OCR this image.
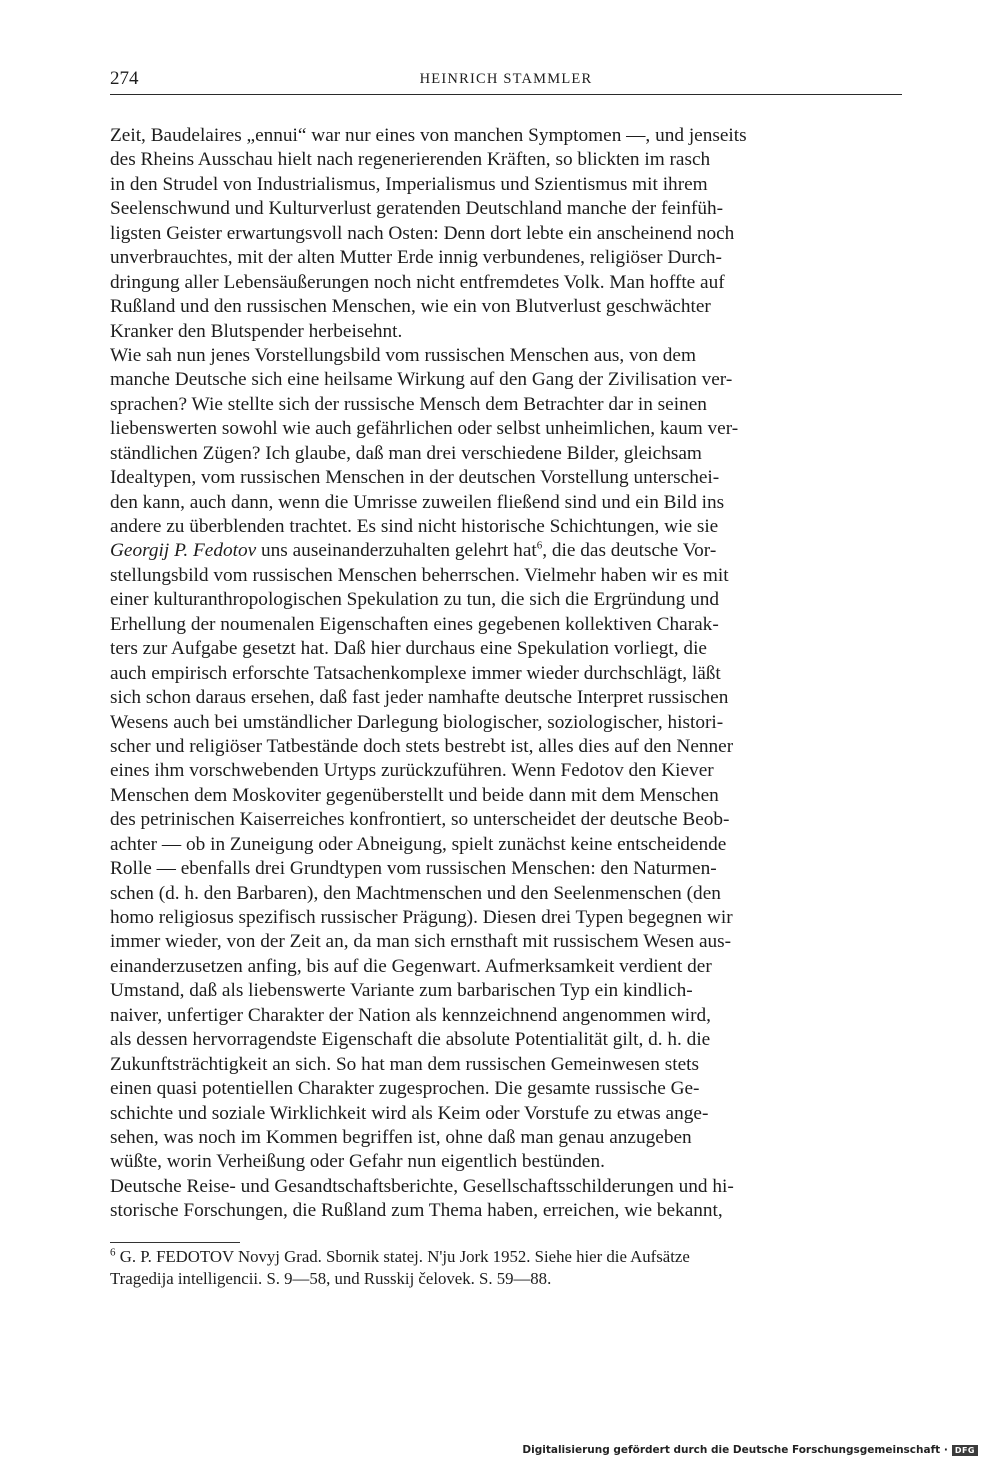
274	HEINRICH STAMMLER
Zeit, Baudelaires „ennui“ war nur eines von manchen Symptomen —, und jenseits
des Rheins Ausschau hielt nach regenerierenden Kräften, so blickten im rasch
in den Strudel von Industrialismus, Imperialismus und Szientismus mit ihrem
Seelenschwund und Kulturverlust geratenden Deutschland manche der feinfüh-
ligsten Geister erwartungsvoll nach Osten: Denn dort lebte ein anscheinend noch
unverbrauchtes, mit der alten Mutter Erde innig verbundenes, religiöser Durch-
dringung aller Lebensäußerungen noch nicht entfremdetes Volk. Man hoffte auf
Rußland und den russischen Menschen, wie ein von Blutverlust geschwächter
Kranker den Blutspender herbeisehnt.
Wie sah nun jenes Vorstellungsbild vom russischen Menschen aus, von dem
manche Deutsche sich eine heilsame Wirkung auf den Gang der Zivilisation ver-
sprachen? Wie stellte sich der russische Mensch dem Betrachter dar in seinen
liebenswerten sowohl wie auch gefährlichen oder selbst unheimlichen, kaum ver-
ständlichen Zügen? Ich glaube, daß man drei verschiedene Bilder, gleichsam
Idealtypen, vom russischen Menschen in der deutschen Vorstellung unterschei-
den kann, auch dann, wenn die Umrisse zuweilen fließend sind und ein Bild ins
andere zu überblenden trachtet. Es sind nicht historische Schichtungen, wie sie
Georgij P. Fedotov uns auseinanderzuhalten gelehrt hat$^6$, die das deutsche Vor-
stellungsbild vom russischen Menschen beherrschen. Vielmehr haben wir es mit
einer kulturanthropologischen Spekulation zu tun, die sich die Ergründung und
Erhellung der noumenalen Eigenschaften eines gegebenen kollektiven Charak-
ters zur Aufgabe gesetzt hat. Daß hier durchaus eine Spekulation vorliegt, die
auch empirisch erforschte Tatsachenkomplexe immer wieder durchschlägt, läßt
sich schon daraus ersehen, daß fast jeder namhafte deutsche Interpret russischen
Wesens auch bei umständlicher Darlegung biologischer, soziologischer, histori-
scher und religiöser Tatbestände doch stets bestrebt ist, alles dies auf den Nenner
eines ihm vorschwebenden Urtyps zurückzuführen. Wenn Fedotov den Kiever
Menschen dem Moskoviter gegenüberstellt und beide dann mit dem Menschen
des petrinischen Kaiserreiches konfrontiert, so unterscheidet der deutsche Beob-
achter — ob in Zuneigung oder Abneigung, spielt zunächst keine entscheidende
Rolle — ebenfalls drei Grundtypen vom russischen Menschen: den Naturmen-
schen (d. h. den Barbaren), den Machtmenschen und den Seelenmenschen (den
homo religiosus spezifisch russischer Prägung). Diesen drei Typen begegnen wir
immer wieder, von der Zeit an, da man sich ernsthaft mit russischem Wesen aus-
einanderzusetzen anfing, bis auf die Gegenwart. Aufmerksamkeit verdient der
Umstand, daß als liebenswerte Variante zum barbarischen Typ ein kindlich-
naiver, unfertiger Charakter der Nation als kennzeichnend angenommen wird,
als dessen hervorragendste Eigenschaft die absolute Potentialität gilt, d. h. die
Zukunftsträchtigkeit an sich. So hat man dem russischen Gemeinwesen stets
einen quasi potentiellen Charakter zugesprochen. Die gesamte russische Ge-
schichte und soziale Wirklichkeit wird als Keim oder Vorstufe zu etwas ange-
sehen, was noch im Kommen begriffen ist, ohne daß man genau anzugeben
wüßte, worin Verheißung oder Gefahr nun eigentlich bestünden.
Deutsche Reise- und Gesandtschaftsberichte, Gesellschaftsschilderungen und hi-
storische Forschungen, die Rußland zum Thema haben, erreichen, wie bekannt,
$^6$ G. P. FEDOTOV Novyj Grad. Sbornik statej. N'ju Jork 1952. Siehe hier die Aufsätze
Tragedija intelligencii. S. 9—58, und Russkij čelovek. S. 59—88.
Digitalisierung gefördert durch die Deutsche Forschungsgemeinschaft · DFG
